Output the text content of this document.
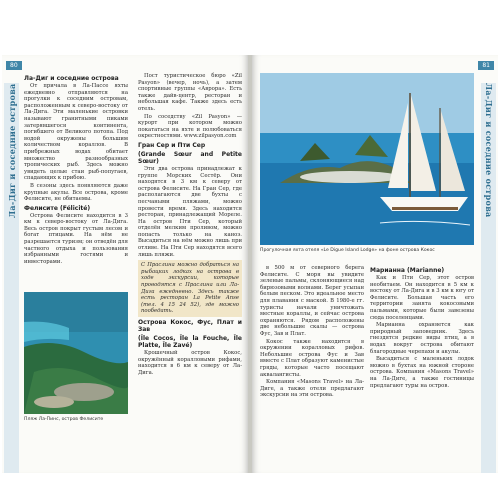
80
Ла-Диг и соседние острова
Ла-Диг и соседние острова

От причала в Ла-Пассе яхты ежедневно отправляются на прогулки к соседним островам, расположенным к северо-востоку от Ла-Дига. Эти маленькие островки называют гранитными пиками затерявшегося континента, погибшего от Великого потопа. Под водой окружены большим количеством кораллов. В прибрежных водах обитает множество разнообразных тропических рыб. Здесь можно увидеть целые стаи рыб-попугаев, спадающих к прибою.

В сезоны здесь появляются даже крупные акулы. Все острова, кроме Фелисите, не обитаемы.

Фелисите (Félicité)

Острова Фелисите находится в 3 км к северо-востоку от Ла-Дига. Весь остров покрыт густым лесом и богат птицами. На нём не разрешается туризм; он отведён для частного отдыха и пользования избранными гостями и инвесторами.

Пляж Ла-Пинс, остров Фелисите

Пост туристическое бюро «Zil Pasyon» (вечер, ночь), а затем спортивные группы «Аврора». Есть также дайв-центр, ресторан и небольшая кафе. Также здесь есть отель.

По соседству «Zil Pasyon» — курорт при котором можно покататься на яхте и полюбоваться окрестностями. www.zilpasyon.com

Гран Сер и Пти Сер
(Grande Sœur and Petite Sœur)

Эти два острова принадлежат к группе Морских Сестёр. Они находятся в 3 км к северу от острова Фелисите. На Гран Сер, где располагаются две бухты с песчаными пляжами, можно провести время. Здесь находится ресторан, принадлежащий Мореле. На остров Пти Сер, который отделён мелким проливом, можно попасть только на каноэ. Высадиться на нём можно лишь при отливе. На Пти Сер находятся всего лишь пляжи.

С Праслина можно добраться на рыбацких лодках на острова в ходе экскурсии, которые проводятся с Праслина или Ла-Дига ежедневно. Здесь также есть ресторан La Petite Anse (тел. 4 15 24 52), где можно пообедать.
Острова Кокос, Фус, Плат и Зав
(Île Cocos, Île la Fouche, Île Platte, Île Zavé)

Крошечный остров Кокос, окружённый коралловыми рифами, находится в 6 км к северу от Ла-Дига.

81
Ла-Диг и соседние острова
Прогулочная яхта отеля «Le Digue Island Lodge» на фоне острова Кокос

в 500 м от северного берега Фелисите. С моря вы увидите зеленые пальмы, склоняющиеся над бирюзовыми волнами. Берег усыпан белым песком. Это идеальное место для плавания с маской. В 1980-е гг. туристы начали уничтожать местные кораллы, и сейчас острова охраняются. Рядом расположены две небольшие скалы — острова Фус, Зав и Плат.

Кокос также находится в окружении коралловых рифов. Небольшие острова Фус и Зав вместе с Плат образуют каменистые гряды, которые часто посещают аквалангисты.

Компания «Masons Travel» на Ла-Диге, а также отели предлагают экскурсии на эти острова.

Марианна (Marianne)

Как и Пти Сер, этот остров необитаем. Он находится в 5 км к востоку от Ла-Дига и в 3 км к югу от Фелисите. Большая часть его территории занята кокосовыми пальмами, которые были завезены сюда поселенцами.

Марианна охраняется как природный заповедник. Здесь гнездятся редкие виды птиц, а в водах вокруг острова обитают благородные черепахи и акулы.

Высадиться с маленьких лодок можно в бухтах на южной стороне острова. Компания «Masons Travel» на Ла-Диге, а также гостиницы предлагают туры на остров.
